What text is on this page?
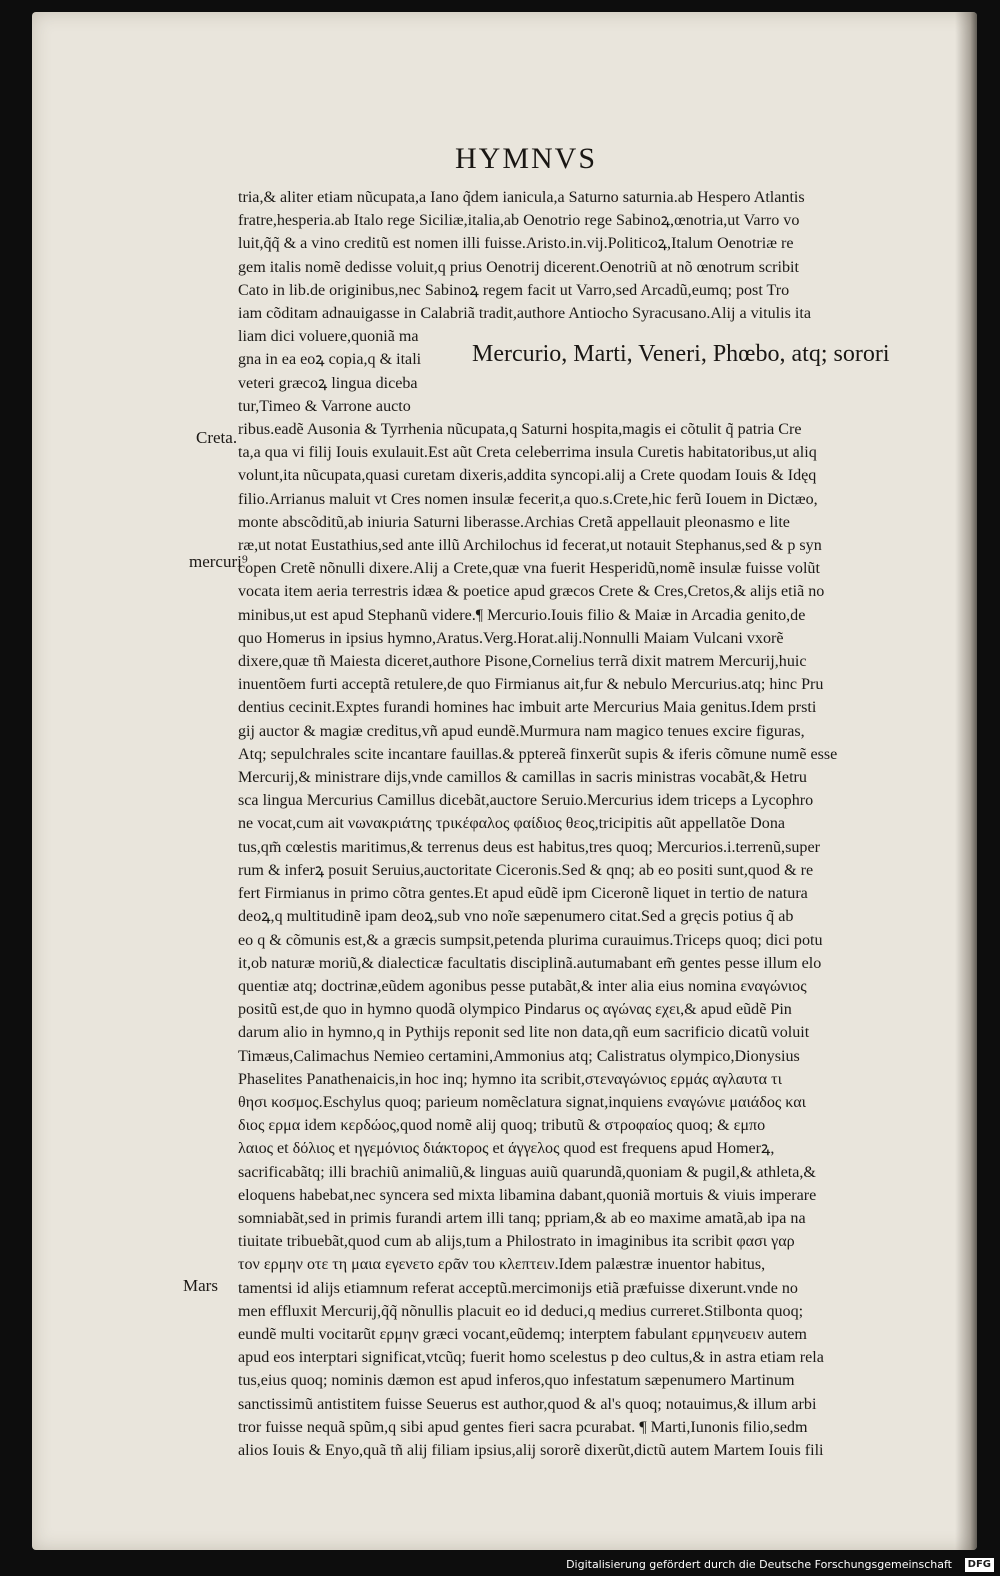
HYMNVS
Mercurio, Marti, Veneri, Phœbo, atq; sorori
Creta.
mercuri⁹
Mars
tria,& aliter etiam nũcupata,a Iano q̃dem ianicula,a Saturno saturnia.ab Hespero Atlantis
fratre,hesperia.ab Italo rege Siciliæ,italia,ab Oenotrio rege Sabinoꝝ,œnotria,ut Varro vo
luit,q̃q̃ & a vino creditũ est nomen illi fuisse.Aristo.in.vij.Politicoꝝ,Italum Oenotriæ re
gem italis nomẽ dedisse voluit,q prius Oenotrij dicerent.Oenotriũ at nõ œnotrum scribit
Cato in lib.de originibus,nec Sabinoꝝ regem facit ut Varro,sed Arcadũ,eumq; post Tro
iam cõditam adnauigasse in Calabriã tradit,authore Antiocho Syracusano.Alij a vitulis ita
liam dici voluere,quoniã ma
gna in ea eoꝝ copia,q & itali
veteri græcoꝝ lingua diceba
tur,Timeo & Varrone aucto
ribus.eadẽ Ausonia & Tyrrhenia nũcupata,q Saturni hospita,magis ei cõtulit q̃ patria Cre
ta,a qua vi filij Iouis exulauit.Est aũt Creta celeberrima insula Curetis habitatoribus,ut aliq
volunt,ita nũcupata,quasi curetam dixeris,addita syncopi.alij a Crete quodam Iouis & Idęq
filio.Arrianus maluit vt Cres nomen insulæ fecerit,a quo.s.Crete,hic ferũ Iouem in Dictæo,
monte abscõditũ,ab iniuria Saturni liberasse.Archias Cretã appellauit pleonasmo e lite
ræ,ut notat Eustathius,sed ante illũ Archilochus id fecerat,ut notauit Stephanus,sed & p syn
copen Cretẽ nõnulli dixere.Alij a Crete,quæ vna fuerit Hesperidũ,nomẽ insulæ fuisse volũt
vocata item aeria terrestris idæa & poetice apud græcos Crete & Cres,Cretos,& alijs etiã no
minibus,ut est apud Stephanũ videre.¶ Mercurio.Iouis filio & Maiæ in Arcadia genito,de
quo Homerus in ipsius hymno,Aratus.Verg.Horat.alij.Nonnulli Maiam Vulcani vxorẽ
dixere,quæ tñ Maiesta diceret,authore Pisone,Cornelius terrã dixit matrem Mercurij,huic
inuentõem furti acceptã retulere,de quo Firmianus ait,fur & nebulo Mercurius.atq; hinc Pru
dentius cecinit.Exptes furandi homines hac imbuit arte Mercurius Maia genitus.Idem prsti
gij auctor & magiæ creditus,vñ apud eundẽ.Murmura nam magico tenues excire figuras,
Atq; sepulchrales scite incantare fauillas.& pptereã finxerũt supis & iferis cõmune numẽ esse
Mercurij,& ministrare dijs,vnde camillos & camillas in sacris ministras vocabãt,& Hetru
sca lingua Mercurius Camillus dicebãt,auctore Seruio.Mercurius idem triceps a Lycophro
ne vocat,cum ait νωνακριάτης τρικέφαλος φαίδιος θεος,tricipitis aũt appellatõe Dona
tus,qm̃ cœlestis maritimus,& terrenus deus est habitus,tres quoq; Mercurios.i.terrenũ,super
rum & inferꝝ posuit Seruius,auctoritate Ciceronis.Sed & qnq; ab eo positi sunt,quod & re
fert Firmianus in primo cõtra gentes.Et apud eũdẽ ipm Ciceronẽ liquet in tertio de natura
deoꝝ,q multitudinẽ ipam deoꝝ,sub vno noĩe sæpenumero citat.Sed a gręcis potius q̃ ab
eo q & cõmunis est,& a græcis sumpsit,petenda plurima curauimus.Triceps quoq; dici potu
it,ob naturæ moriũ,& dialecticæ facultatis disciplinã.autumabant em̃ gentes pesse illum elo
quentiæ atq; doctrinæ,eũdem agonibus pesse putabãt,& inter alia eius nomina εναγώνιος
positũ est,de quo in hymno quodã olympico Pindarus ος αγώνας εχει,& apud eũdẽ Pin
darum alio in hymno,q in Pythijs reponit sed lite non data,qñ eum sacrificio dicatũ voluit
Timæus,Calimachus Nemieo certamini,Ammonius atq; Calistratus olympico,Dionysius
Phaselites Panathenaicis,in hoc inq; hymno ita scribit,στεναγώνιος ερμάς αγλαυτα τι
θησι κοσμος.Eschylus quoq; parieum nomẽclatura signat,inquiens εναγώνιε μαιάδος και
διος ερμα idem κερδώος,quod nomẽ alij quoq; tributũ & στροφαίος quoq; & εμπο
λαιος et δόλιος et ηγεμόνιος διάκτορος et άγγελος quod est frequens apud Homerꝝ,
sacrificabãtq; illi brachiũ animaliũ,& linguas auiũ quarundã,quoniam & pugil,& athleta,&
eloquens habebat,nec syncera sed mixta libamina dabant,quoniã mortuis & viuis imperare
somniabãt,sed in primis furandi artem illi tanq; ppriam,& ab eo maxime amatã,ab ipa na
tiuitate tribuebãt,quod cum ab alijs,tum a Philostrato in imaginibus ita scribit φασι γαρ
τον ερμην οτε τη μαια εγενετο ερᾶν του κλεπτειν.Idem palæstræ inuentor habitus,
tamentsi id alijs etiamnum referat acceptũ.mercimonijs etiã præfuisse dixerunt.vnde no
men effluxit Mercurij,q̃q̃ nõnullis placuit eo id deduci,q medius curreret.Stilbonta quoq;
eundẽ multi vocitarũt ερμην græci vocant,eũdemq; interptem fabulant ερμηνευειν autem
apud eos interptari significat,vtcũq; fuerit homo scelestus p deo cultus,& in astra etiam rela
tus,eius quoq; nominis dæmon est apud inferos,quo infestatum sæpenumero Martinum
sanctissimũ antistitem fuisse Seuerus est author,quod & al's quoq; notauimus,& illum arbi
tror fuisse nequã spũm,q sibi apud gentes fieri sacra pcurabat. ¶ Marti,Iunonis filio,sedm
alios Iouis & Enyo,quã tñ alij filiam ipsius,alij sororẽ dixerũt,dictũ autem Martem Iouis fili
Digitalisierung gefördert durch die Deutsche Forschungsgemeinschaft	DFG
